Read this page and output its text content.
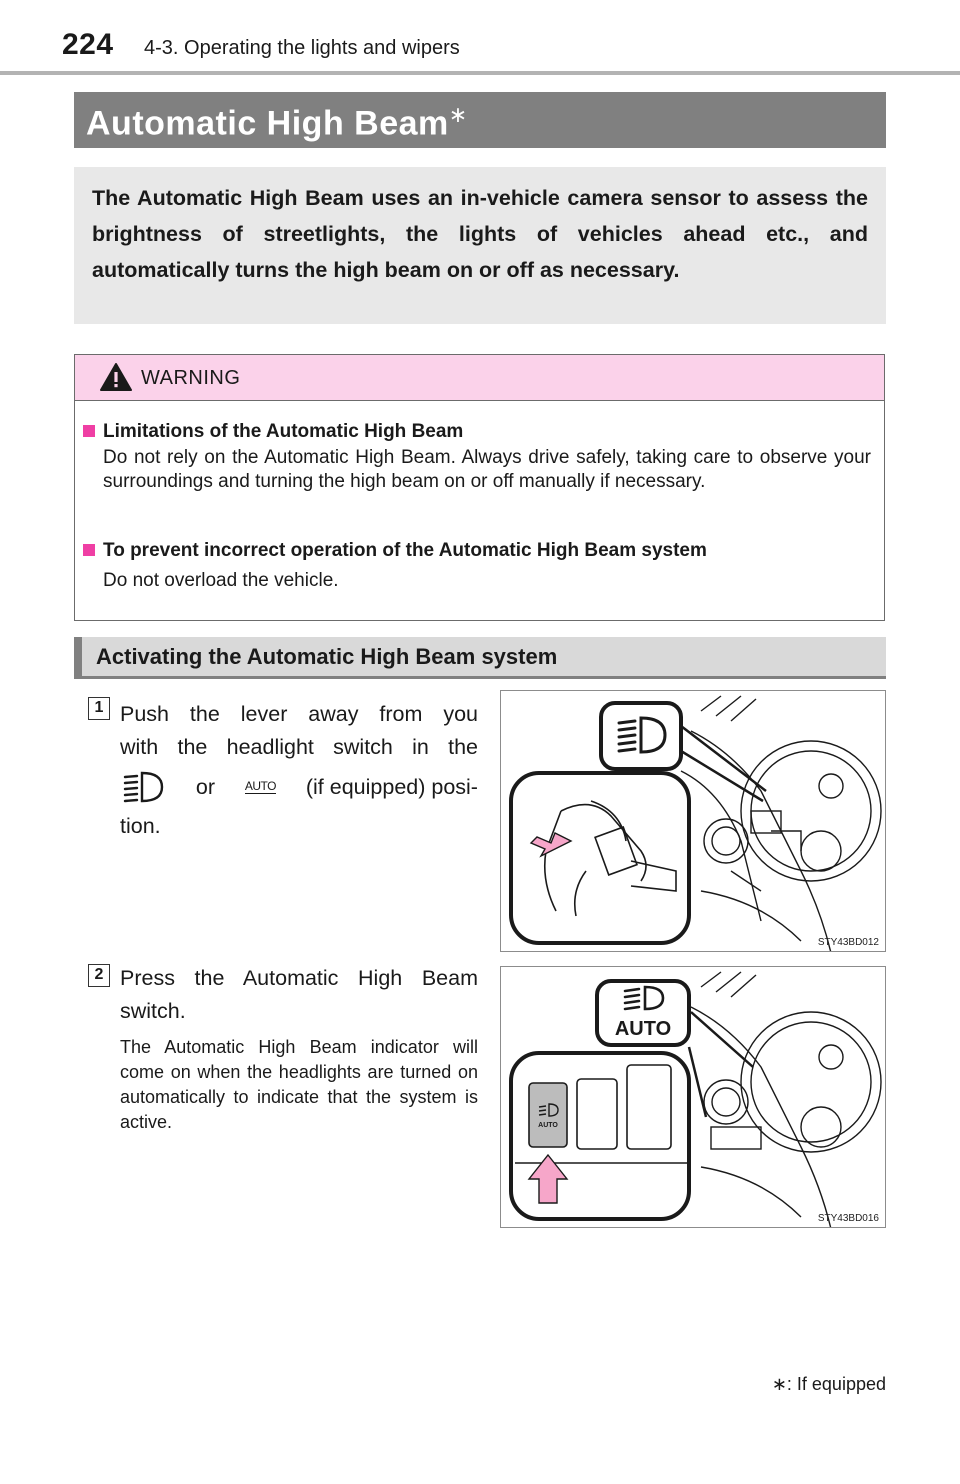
224 4-3. Operating the lights and wipers
Automatic High Beam∗
The Automatic High Beam uses an in-vehicle camera sensor to assess the brightness of streetlights, the lights of vehicles ahead etc., and automatically turns the high beam on or off as necessary.
WARNING
Limitations of the Automatic High Beam
Do not rely on the Automatic High Beam. Always drive safely, taking care to observe your surroundings and turning the high beam on or off manually if necessary.
To prevent incorrect operation of the Automatic High Beam system
Do not overload the vehicle.
Activating the Automatic High Beam system
1 Push the lever away from you
with the headlight switch in the
or AUTO (if equipped) posi-
tion.
STY43BD012
2 Press the Automatic High Beam switch.
The Automatic High Beam indicator will come on when the headlights are turned on automatically to indicate that the system is active.
AUTO
AUTO
STY43BD016
∗: If equipped
